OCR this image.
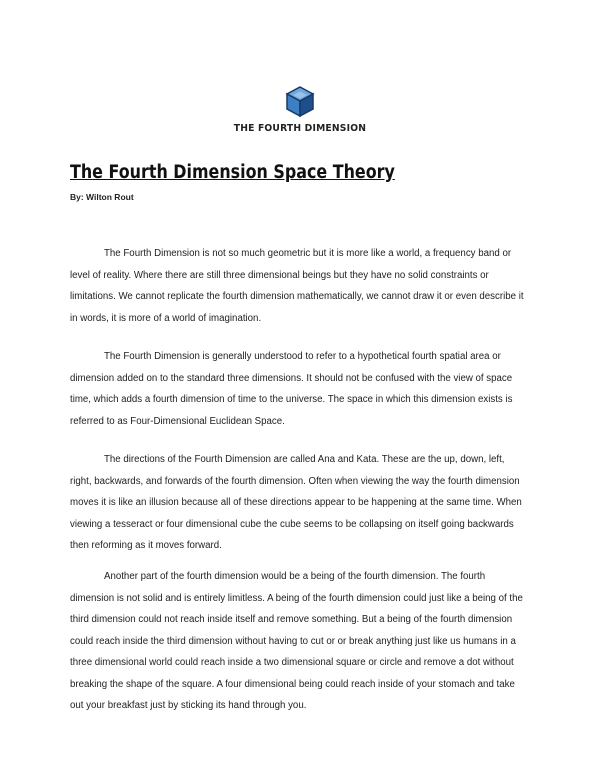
THE FOURTH DIMENSION
The Fourth Dimension Space Theory
By: Wilton Rout

The Fourth Dimension is not so much geometric but it is more like a world, a frequency band or level of reality. Where there are still three dimensional beings but they have no solid constraints or limitations. We cannot replicate the fourth dimension mathematically, we cannot draw it or even describe it in words, it is more of a world of imagination.

The Fourth Dimension is generally understood to refer to a hypothetical fourth spatial area or dimension added on to the standard three dimensions. It should not be confused with the view of space time, which adds a fourth dimension of time to the universe. The space in which this dimension exists is referred to as Four-Dimensional Euclidean Space.

The directions of the Fourth Dimension are called Ana and Kata. These are the up, down, left, right, backwards, and forwards of the fourth dimension. Often when viewing the way the fourth dimension moves it is like an illusion because all of these directions appear to be happening at the same time. When viewing a tesseract or four dimensional cube the cube seems to be collapsing on itself going backwards then reforming as it moves forward.

Another part of the fourth dimension would be a being of the fourth dimension. The fourth dimension is not solid and is entirely limitless. A being of the fourth dimension could just like a being of the third dimension could not reach inside itself and remove something. But a being of the fourth dimension could reach inside the third dimension without having to cut or or break anything just like us humans in a three dimensional world could reach inside a two dimensional square or circle and remove a dot without breaking the shape of the square. A four dimensional being could reach inside of your stomach and take out your breakfast just by sticking its hand through you.
